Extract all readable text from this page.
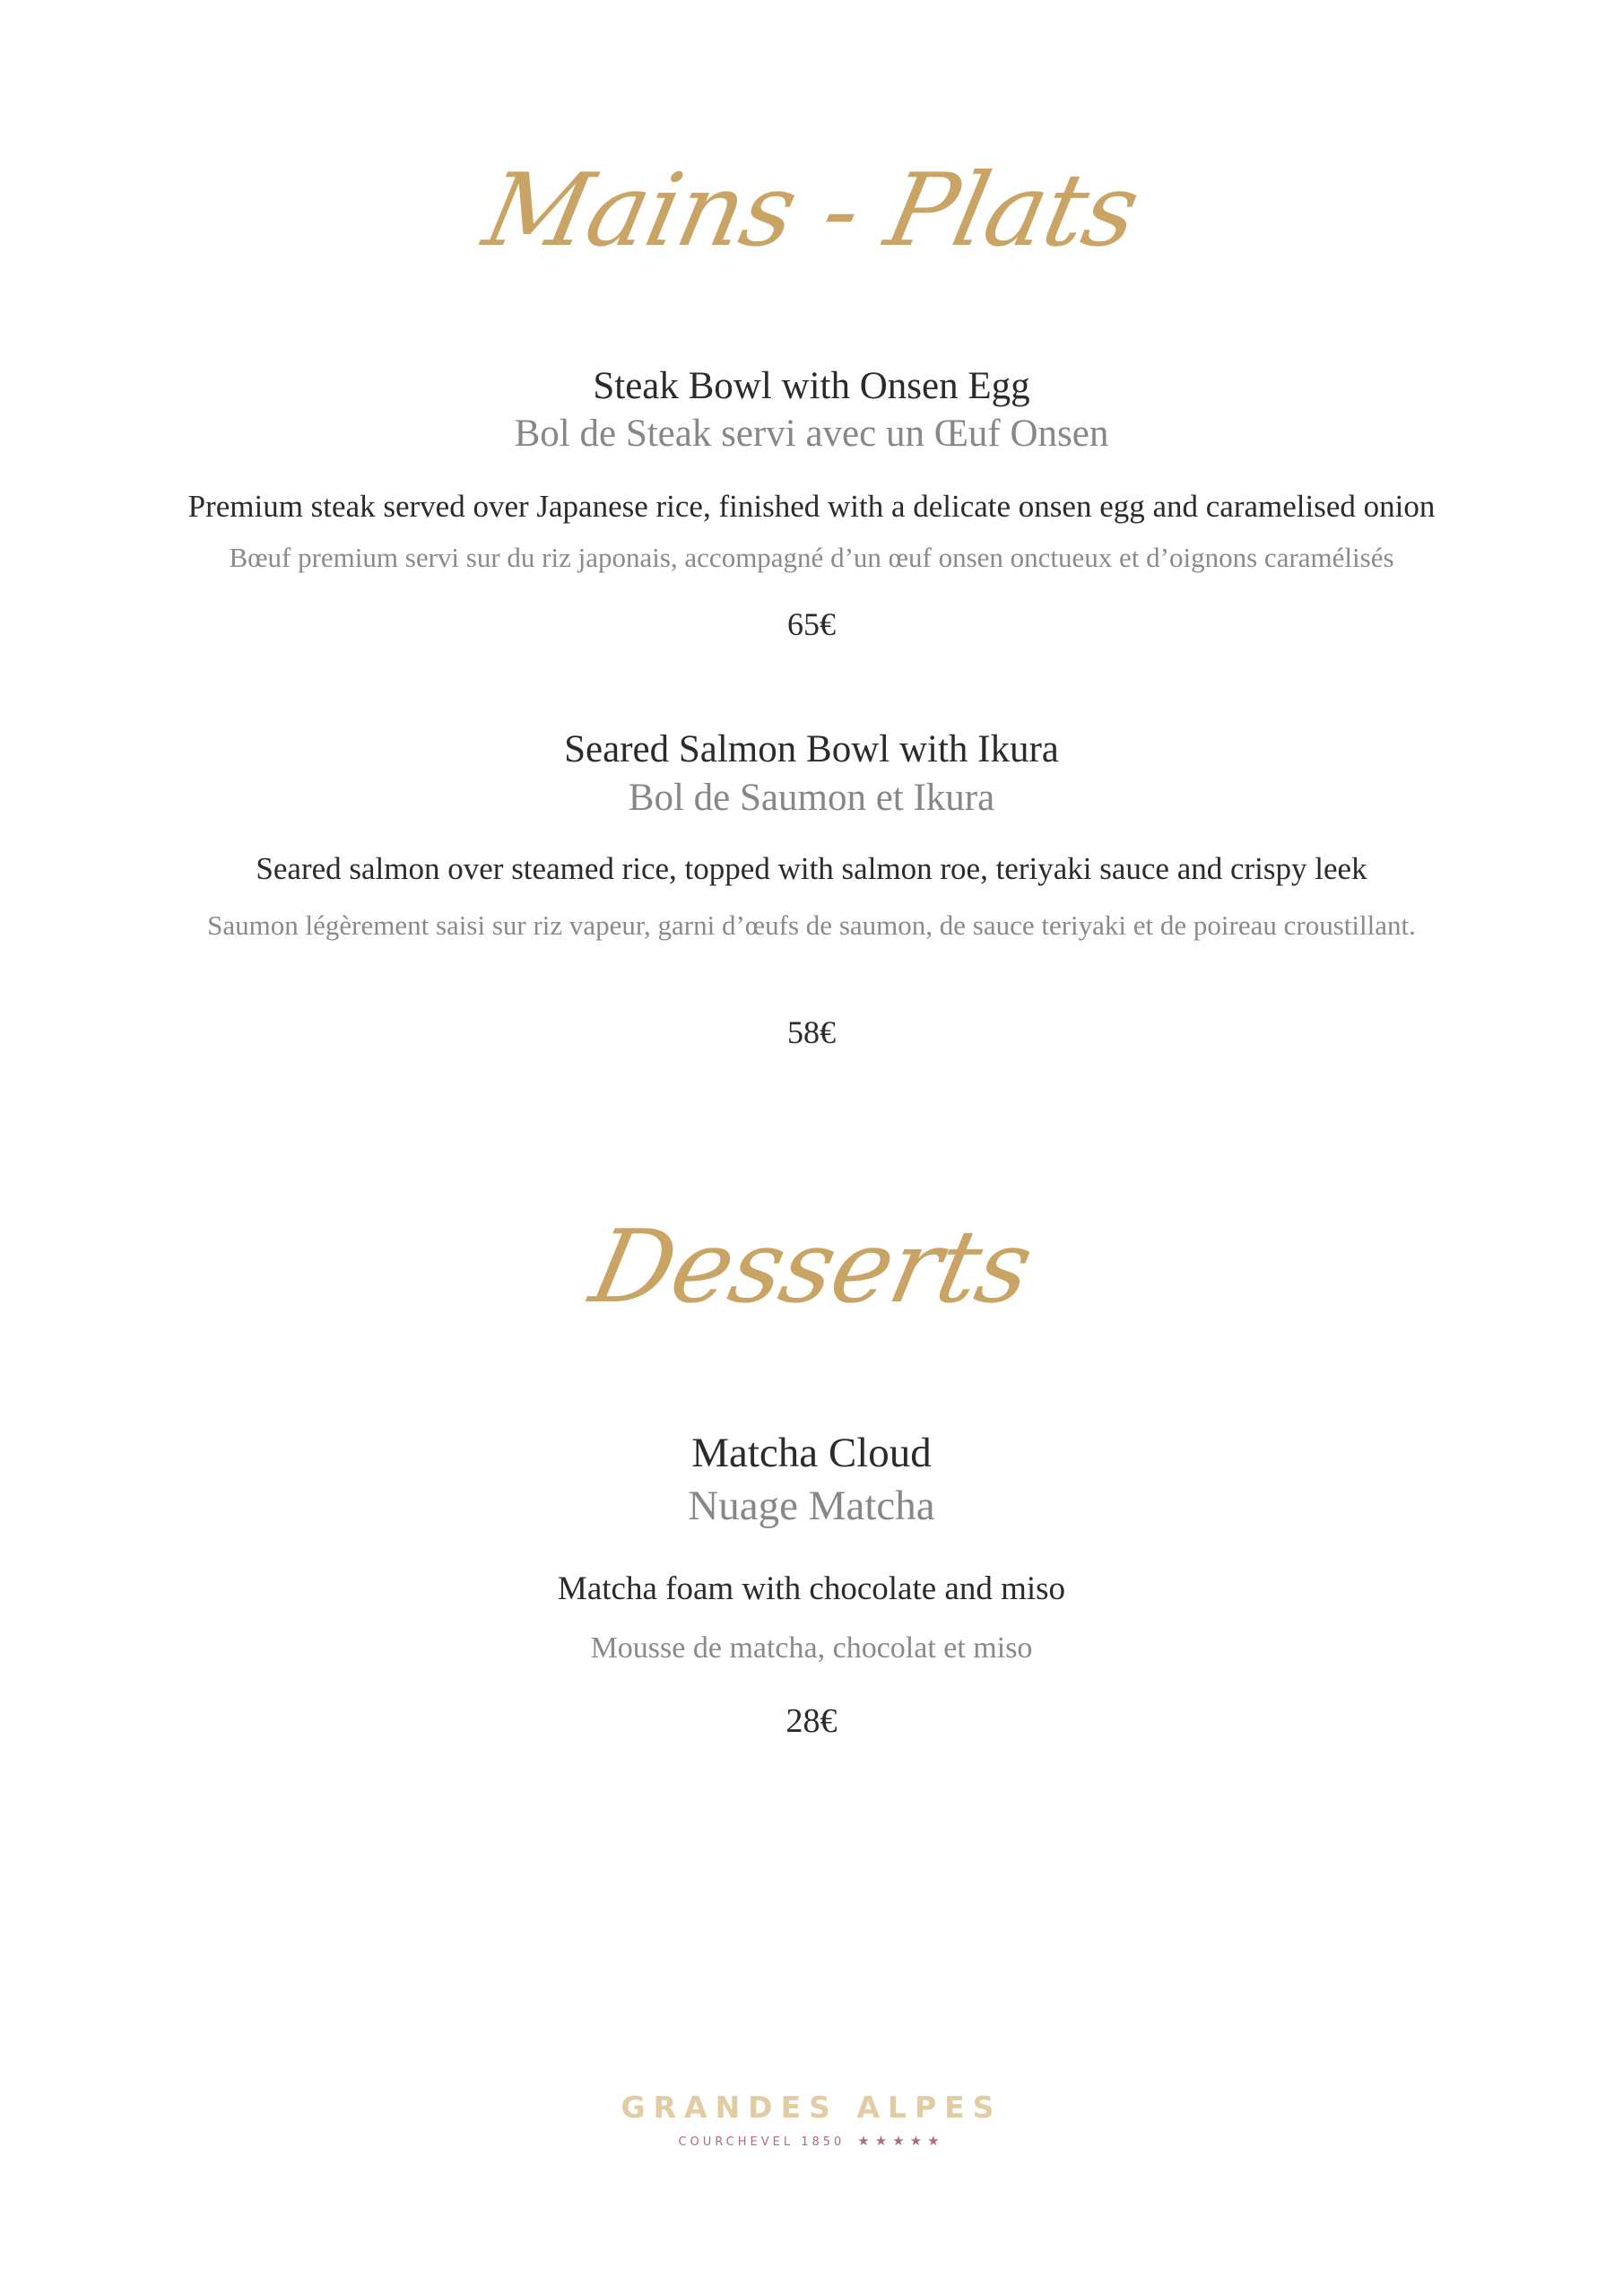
Mains - Plats
Steak Bowl with Onsen Egg
Bol de Steak servi avec un Œuf Onsen
Premium steak served over Japanese rice, finished with a delicate onsen egg and caramelised onion
Bœuf premium servi sur du riz japonais, accompagné d’un œuf onsen onctueux et d’oignons caramélisés
65€
Seared Salmon Bowl with Ikura
Bol de Saumon et Ikura
Seared salmon over steamed rice, topped with salmon roe, teriyaki sauce and crispy leek
Saumon légèrement saisi sur riz vapeur, garni d’œufs de saumon, de sauce teriyaki et de poireau croustillant.
58€
Desserts
Matcha Cloud
Nuage Matcha
Matcha foam with chocolate and miso
Mousse de matcha, chocolat et miso
28€
GRANDES ALPES
COURCHEVEL 1850 ★★★★★
